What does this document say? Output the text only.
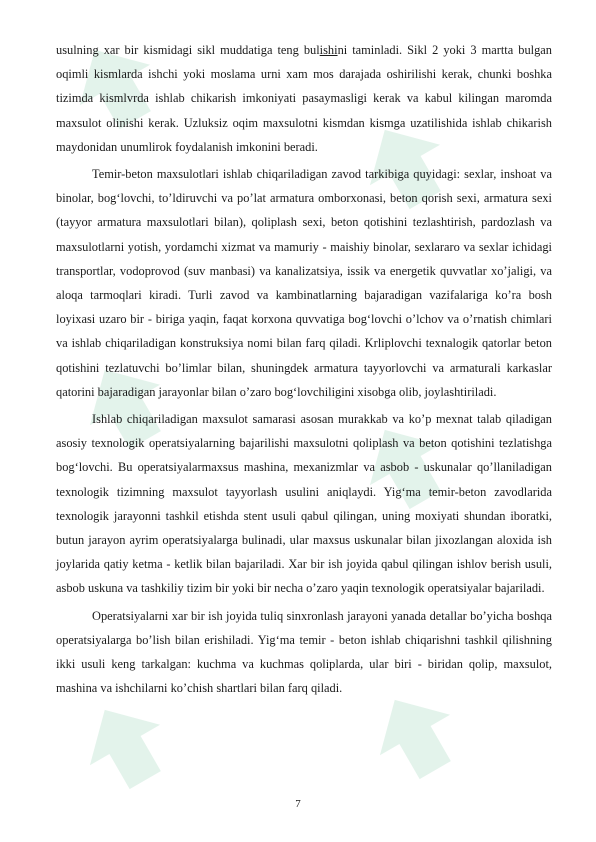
usulning xar bir kismidagi sikl muddatiga teng bulishini taminladi. Sikl 2 yoki 3 martta bulgan oqimli kismlarda ishchi yoki moslama urni xam mos darajada oshirilishi kerak, chunki boshka tizimda kismlvrda ishlab chikarish imkoniyati pasaymasligi kerak va kabul kilingan maromda maxsulot olinishi kerak. Uzluksiz oqim maxsulotni kismdan kismga uzatilishida ishlab chikarish maydonidan unumlirok foydalanish imkonini beradi.

Temir-beton maxsulotlari ishlab chiqariladigan zavod tarkibiga quyidagi: sexlar, inshoat va binolar, bog‘lovchi, to’ldiruvchi va po’lat armatura omborxonasi, beton qorish sexi, armatura sexi (tayyor armatura maxsulotlari bilan), qoliplash sexi, beton qotishini tezlashtirish, pardozlash va maxsulotlarni yotish, yordamchi xizmat va mamuriy - maishiy binolar, sexlararo va sexlar ichidagi transportlar, vodoprovod (suv manbasi) va kanalizatsiya, issik va energetik quvvatlar xo’jaligi, va aloqa tarmoqlari kiradi. Turli zavod va kambinatlarning bajaradigan vazifalariga ko’ra bosh loyixasi uzaro bir - biriga yaqin, faqat korxona quvvatiga bog‘lovchi o’lchov va o’rnatish chimlari va ishlab chiqariladigan konstruksiya nomi bilan farq qiladi. Krliplovchi texnalogik qatorlar beton qotishini tezlatuvchi bo’limlar bilan, shuningdek armatura tayyorlovchi va armaturali karkaslar qatorini bajaradigan jarayonlar bilan o’zaro bog‘lovchiligini xisobga olib, joylashtiriladi.

Ishlab chiqariladigan maxsulot samarasi asosan murakkab va ko’p mexnat talab qiladigan asosiy texnologik operatsiyalarning bajarilishi maxsulotni qoliplash va beton qotishini tezlatishga bog‘lovchi. Bu operatsiyalarmaxsus mashina, mexanizmlar va asbob - uskunalar qo’llaniladigan texnologik tizimning maxsulot tayyorlash usulini aniqlaydi. Yig‘ma temir-beton zavodlarida texnologik jarayonni tashkil etishda stent usuli qabul qilingan, uning moxiyati shundan iboratki, butun jarayon ayrim operatsiyalarga bulinadi, ular maxsus uskunalar bilan jixozlangan aloxida ish joylarida qatiy ketma - ketlik bilan bajariladi. Xar bir ish joyida qabul qilingan ishlov berish usuli, asbob uskuna va tashkiliy tizim bir yoki bir necha o’zaro yaqin texnologik operatsiyalar bajariladi.

Operatsiyalarni xar bir ish joyida tuliq sinxronlash jarayoni yanada detallar bo’yicha boshqa operatsiyalarga bo’lish bilan erishiladi. Yig‘ma temir - beton ishlab chiqarishni tashkil qilishning ikki usuli keng tarkalgan: kuchma va kuchmas qoliplarda, ular biri - biridan qolip, maxsulot, mashina va ishchilarni ko’chish shartlari bilan farq qiladi.

7
